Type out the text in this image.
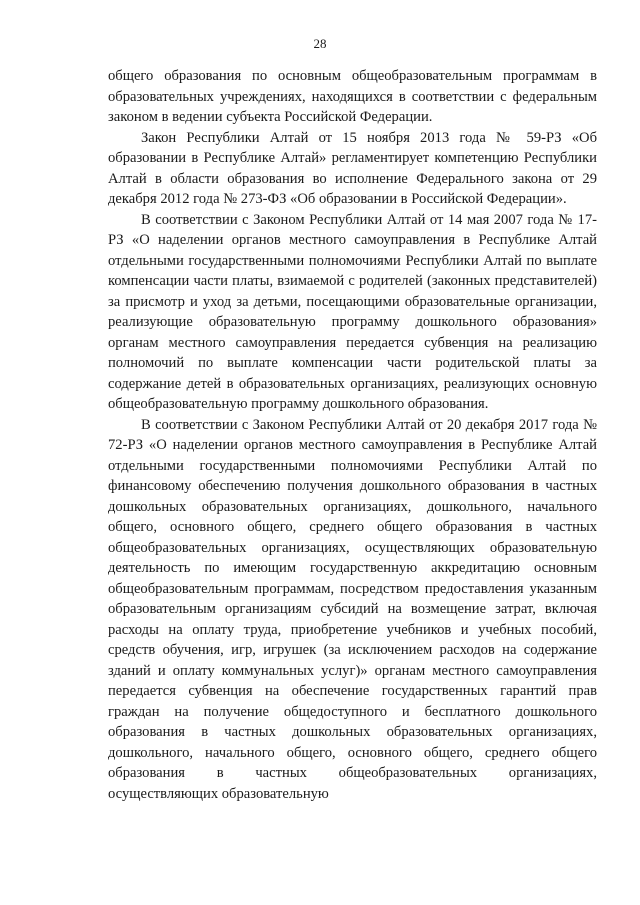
28

общего образования по основным общеобразовательным программам в образовательных учреждениях, находящихся в соответствии с федеральным законом в ведении субъекта Российской Федерации.

Закон Республики Алтай от 15 ноября 2013 года № 59-РЗ «Об образовании в Республике Алтай» регламентирует компетенцию Республики Алтай в области образования во исполнение Федерального закона от 29 декабря 2012 года № 273-ФЗ «Об образовании в Российской Федерации».

В соответствии с Законом Республики Алтай от 14 мая 2007 года № 17-РЗ «О наделении органов местного самоуправления в Республике Алтай отдельными государственными полномочиями Республики Алтай по выплате компенсации части платы, взимаемой с родителей (законных представителей) за присмотр и уход за детьми, посещающими образовательные организации, реализующие образовательную программу дошкольного образования» органам местного самоуправления передается субвенция на реализацию полномочий по выплате компенсации части родительской платы за содержание детей в образовательных организациях, реализующих основную общеобразовательную программу дошкольного образования.

В соответствии с Законом Республики Алтай от 20 декабря 2017 года № 72-РЗ «О наделении органов местного самоуправления в Республике Алтай отдельными государственными полномочиями Республики Алтай по финансовому обеспечению получения дошкольного образования в частных дошкольных образовательных организациях, дошкольного, начального общего, основного общего, среднего общего образования в частных общеобразовательных организациях, осуществляющих образовательную деятельность по имеющим государственную аккредитацию основным общеобразовательным программам, посредством предоставления указанным образовательным организациям субсидий на возмещение затрат, включая расходы на оплату труда, приобретение учебников и учебных пособий, средств обучения, игр, игрушек (за исключением расходов на содержание зданий и оплату коммунальных услуг)» органам местного самоуправления передается субвенция на обеспечение государственных гарантий прав граждан на получение общедоступного и бесплатного дошкольного образования в частных дошкольных образовательных организациях, дошкольного, начального общего, основного общего, среднего общего образования в частных общеобразовательных организациях, осуществляющих образовательную
